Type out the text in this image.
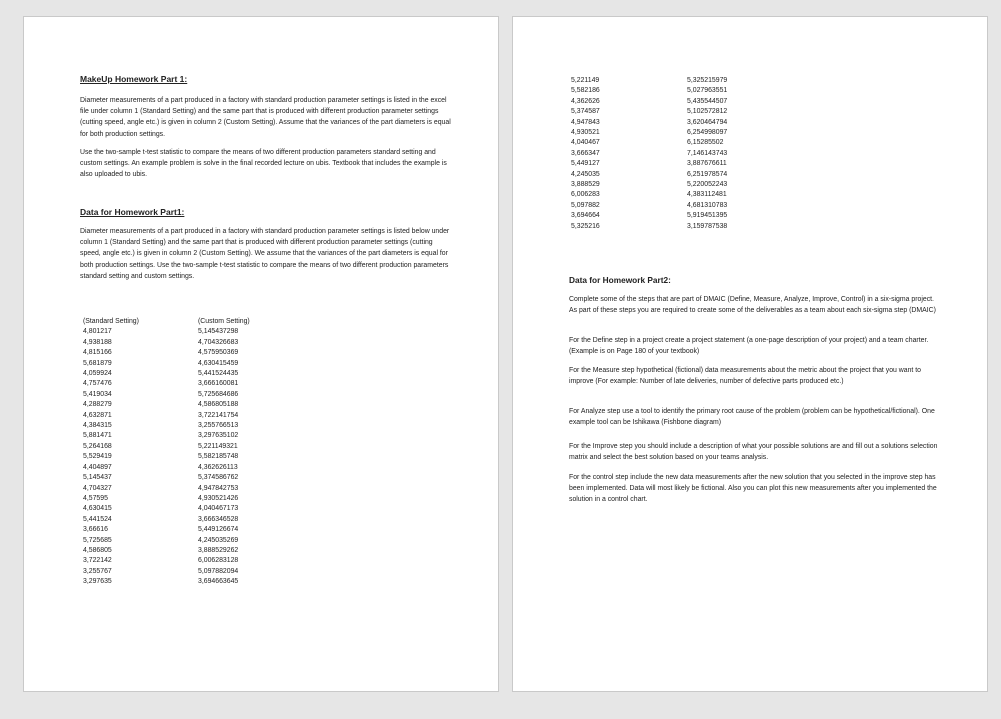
MakeUp Homework Part 1:
Diameter measurements of a part produced in a factory with standard production parameter settings is listed in the excel file under column 1 (Standard Setting) and the same part that is produced with different production parameter settings (cutting speed, angle etc.) is given in column 2 (Custom Setting). Assume that the variances of the part diameters is equal for both production settings.
Use the two-sample t-test statistic to compare the means of two different production parameters standard setting and custom settings. An example problem is solve in the final recorded lecture on ubis. Textbook that includes the example is also uploaded to ubis.
Data for Homework Part1:
Diameter measurements of a part produced in a factory with standard production parameter settings is listed below under column 1 (Standard Setting) and the same part that is produced with different production parameter settings (cutting speed, angle etc.) is given in column 2 (Custom Setting). We assume that the variances of the part diameters is equal for both production settings. Use the two-sample t-test statistic to compare the means of two different production parameters standard setting and custom settings.
(Standard Setting)
4,801217
4,938188
4,815166
5,681879
4,059924
4,757476
5,419034
4,288279
4,632871
4,384315
5,881471
5,264168
5,529419
4,404897
5,145437
4,704327
4,57595
4,630415
5,441524
3,66616
5,725685
4,586805
3,722142
3,255767
3,297635
(Custom Setting)
5,145437298
4,704326683
4,575950369
4,630415459
5,441524435
3,666160081
5,725684686
4,586805188
3,722141754
3,255766513
3,297635102
5,221149321
5,582185748
4,362626113
5,374586762
4,947842753
4,930521426
4,040467173
3,666346528
5,449126674
4,245035269
3,888529262
6,006283128
5,097882094
3,694663645
5,221149
5,582186
4,362626
5,374587
4,947843
4,930521
4,040467
3,666347
5,449127
4,245035
3,888529
6,006283
5,097882
3,694664
5,325216
5,325215979
5,027963551
5,435544507
5,102572812
3,620464794
6,254998097
6,15285502
7,146143743
3,887676611
6,251978574
5,220052243
4,383112481
4,681310783
5,919451395
3,159787538
Data for Homework Part2:
Complete some of the steps that are part of DMAIC (Define, Measure, Analyze, Improve, Control) in a six-sigma project. As part of these steps you are required to create some of the deliverables as a team about each six-sigma step (DMAIC)
For the Define step in a project create a project statement (a one-page description of your project) and a team charter. (Example is on Page 180 of your textbook)
For the Measure step hypothetical (fictional) data measurements about the metric about the project that you want to improve (For example: Number of late deliveries, number of defective parts produced etc.)
For Analyze step use a tool to identify the primary root cause of the problem (problem can be hypothetical/fictional). One example tool can be Ishikawa (Fishbone diagram)
For the Improve step you should include a description of what your possible solutions are and fill out a solutions selection matrix and select the best solution based on your teams analysis.
For the control step include the new data measurements after the new solution that you selected in the improve step has been implemented. Data will most likely be fictional. Also you can plot this new measurements after you implemented the solution in a control chart.
